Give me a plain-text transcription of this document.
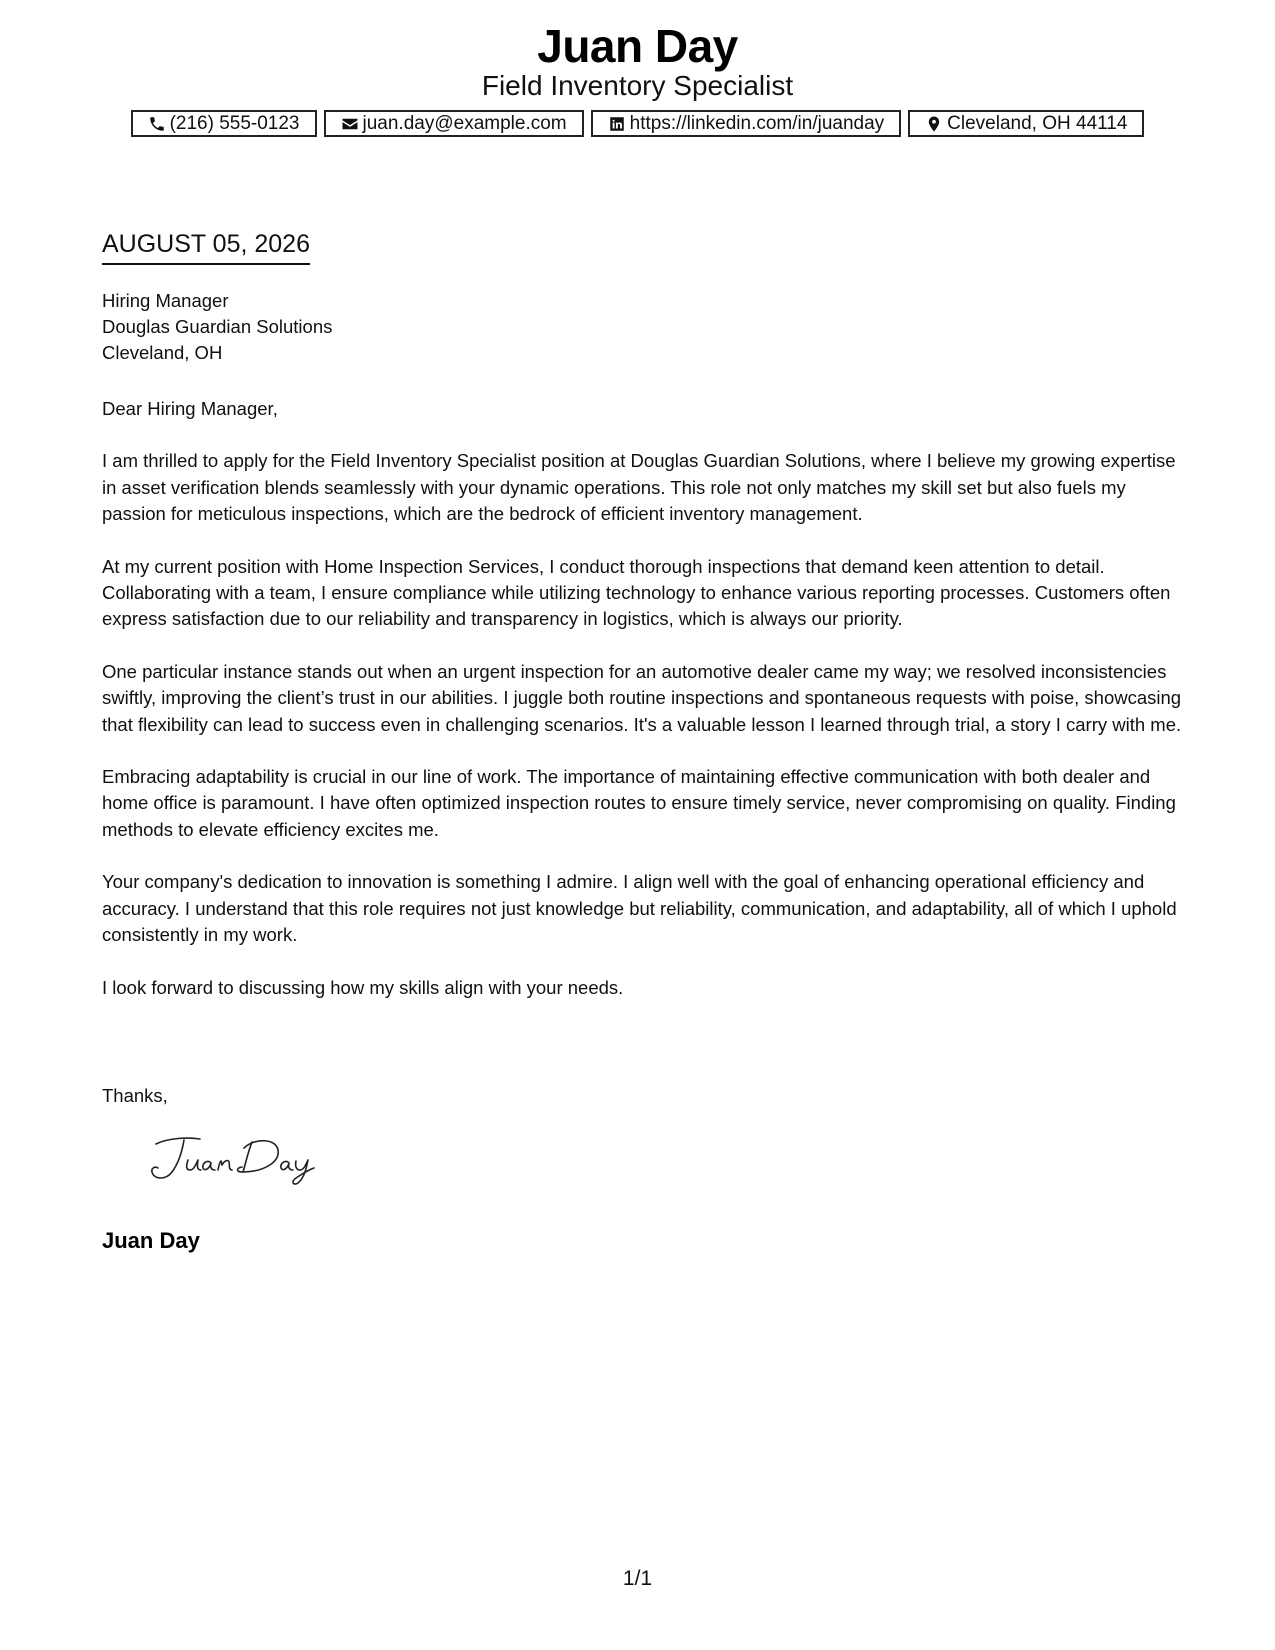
Juan Day
Field Inventory Specialist
(216) 555-0123	juan.day@example.com	https://linkedin.com/in/juanday	Cleveland, OH 44114
AUGUST 05, 2026
Hiring Manager
Douglas Guardian Solutions
Cleveland, OH

Dear Hiring Manager,

I am thrilled to apply for the Field Inventory Specialist position at Douglas Guardian Solutions, where I believe my growing expertise in asset verification blends seamlessly with your dynamic operations. This role not only matches my skill set but also fuels my passion for meticulous inspections, which are the bedrock of efficient inventory management.

At my current position with Home Inspection Services, I conduct thorough inspections that demand keen attention to detail. Collaborating with a team, I ensure compliance while utilizing technology to enhance various reporting processes. Customers often express satisfaction due to our reliability and transparency in logistics, which is always our priority.

One particular instance stands out when an urgent inspection for an automotive dealer came my way; we resolved inconsistencies swiftly, improving the client’s trust in our abilities. I juggle both routine inspections and spontaneous requests with poise, showcasing that flexibility can lead to success even in challenging scenarios. It's a valuable lesson I learned through trial, a story I carry with me.

Embracing adaptability is crucial in our line of work. The importance of maintaining effective communication with both dealer and home office is paramount. I have often optimized inspection routes to ensure timely service, never compromising on quality. Finding methods to elevate efficiency excites me.

Your company's dedication to innovation is something I admire. I align well with the goal of enhancing operational efficiency and accuracy. I understand that this role requires not just knowledge but reliability, communication, and adaptability, all of which I uphold consistently in my work.

I look forward to discussing how my skills align with your needs.

Thanks,
Juan Day
1/1
